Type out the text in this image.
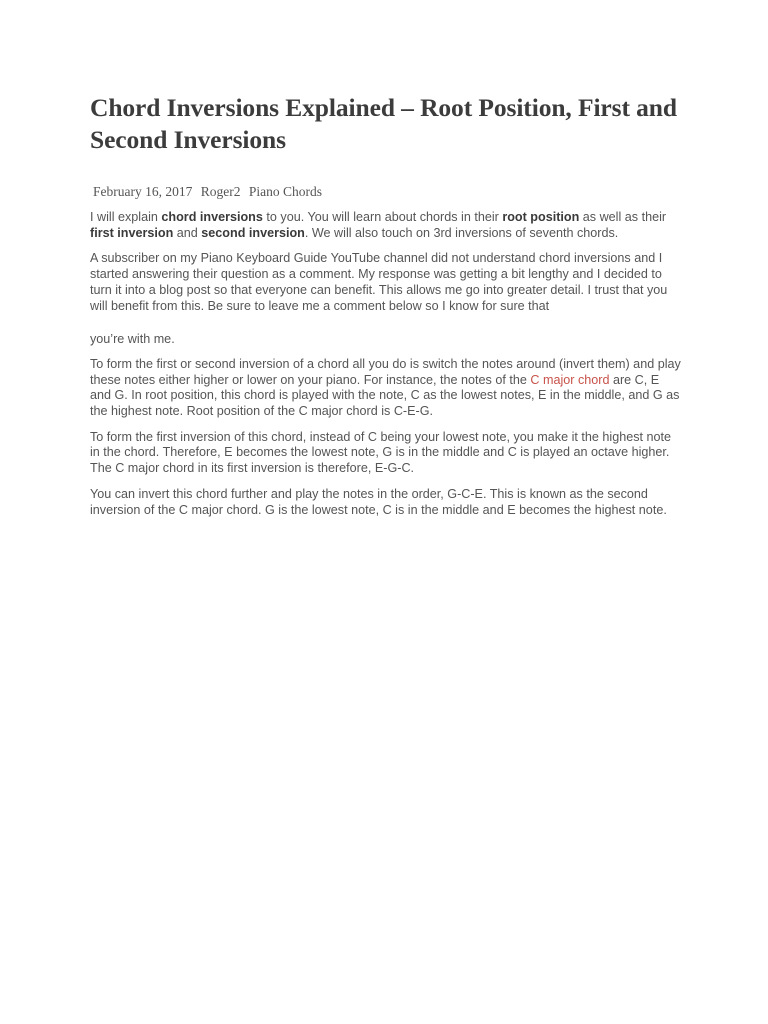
Chord Inversions Explained – Root Position, First and Second Inversions
February 16, 2017 Roger2 Piano Chords

I will explain chord inversions to you. You will learn about chords in their root position as well as their first inversion and second inversion. We will also touch on 3rd inversions of seventh chords.

A subscriber on my Piano Keyboard Guide YouTube channel did not understand chord inversions and I started answering their question as a comment. My response was getting a bit lengthy and I decided to turn it into a blog post so that everyone can benefit. This allows me go into greater detail. I trust that you will benefit from this. Be sure to leave me a comment below so I know for sure that

you’re with me.

To form the first or second inversion of a chord all you do is switch the notes around (invert them) and play these notes either higher or lower on your piano. For instance, the notes of the C major chord are C, E and G. In root position, this chord is played with the note, C as the lowest notes, E in the middle, and G as the highest note. Root position of the C major chord is C-E-G.

To form the first inversion of this chord, instead of C being your lowest note, you make it the highest note in the chord. Therefore, E becomes the lowest note, G is in the middle and C is played an octave higher. The C major chord in its first inversion is therefore, E-G-C.

You can invert this chord further and play the notes in the order, G-C-E. This is known as the second inversion of the C major chord. G is the lowest note, C is in the middle and E becomes the highest note.
